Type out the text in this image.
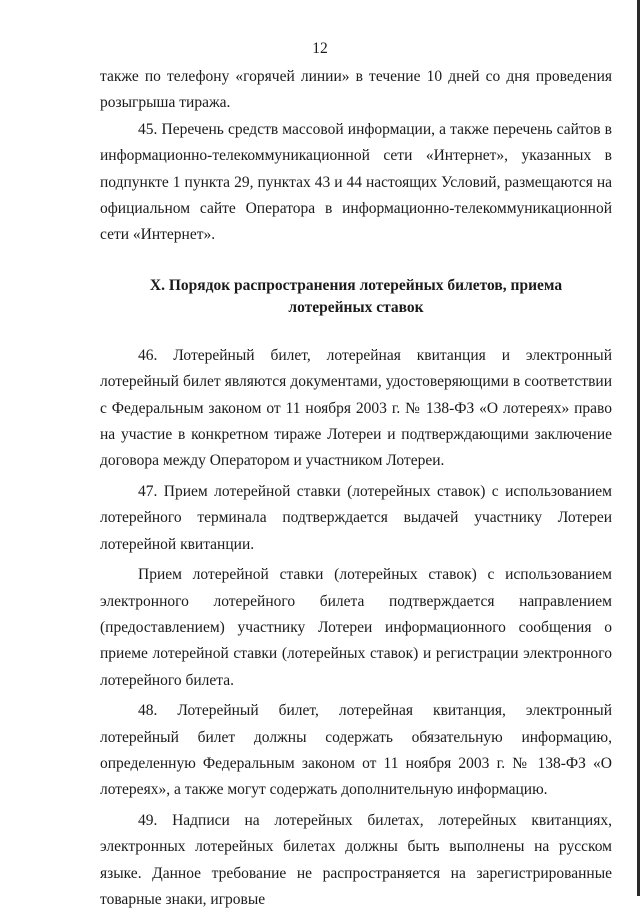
12

также по телефону «горячей линии» в течение 10 дней со дня проведения розыгрыша тиража.

45. Перечень средств массовой информации, а также перечень сайтов в информационно-телекоммуникационной сети «Интернет», указанных в подпункте 1 пункта 29, пунктах 43 и 44 настоящих Условий, размещаются на официальном сайте Оператора в информационно-телекоммуникационной сети «Интернет».

X. Порядок распространения лотерейных билетов, приема
лотерейных ставок

46. Лотерейный билет, лотерейная квитанция и электронный лотерейный билет являются документами, удостоверяющими в соответствии с Федеральным законом от 11 ноября 2003 г. № 138-ФЗ «О лотереях» право на участие в конкретном тираже Лотереи и подтверждающими заключение договора между Оператором и участником Лотереи.

47. Прием лотерейной ставки (лотерейных ставок) с использованием лотерейного терминала подтверждается выдачей участнику Лотереи лотерейной квитанции.

Прием лотерейной ставки (лотерейных ставок) с использованием электронного лотерейного билета подтверждается направлением (предоставлением) участнику Лотереи информационного сообщения о приеме лотерейной ставки (лотерейных ставок) и регистрации электронного лотерейного билета.

48. Лотерейный билет, лотерейная квитанция, электронный лотерейный билет должны содержать обязательную информацию, определенную Федеральным законом от 11 ноября 2003 г. № 138-ФЗ «О лотереях», а также могут содержать дополнительную информацию.

49. Надписи на лотерейных билетах, лотерейных квитанциях, электронных лотерейных билетах должны быть выполнены на русском языке. Данное требование не распространяется на зарегистрированные товарные знаки, игровые
